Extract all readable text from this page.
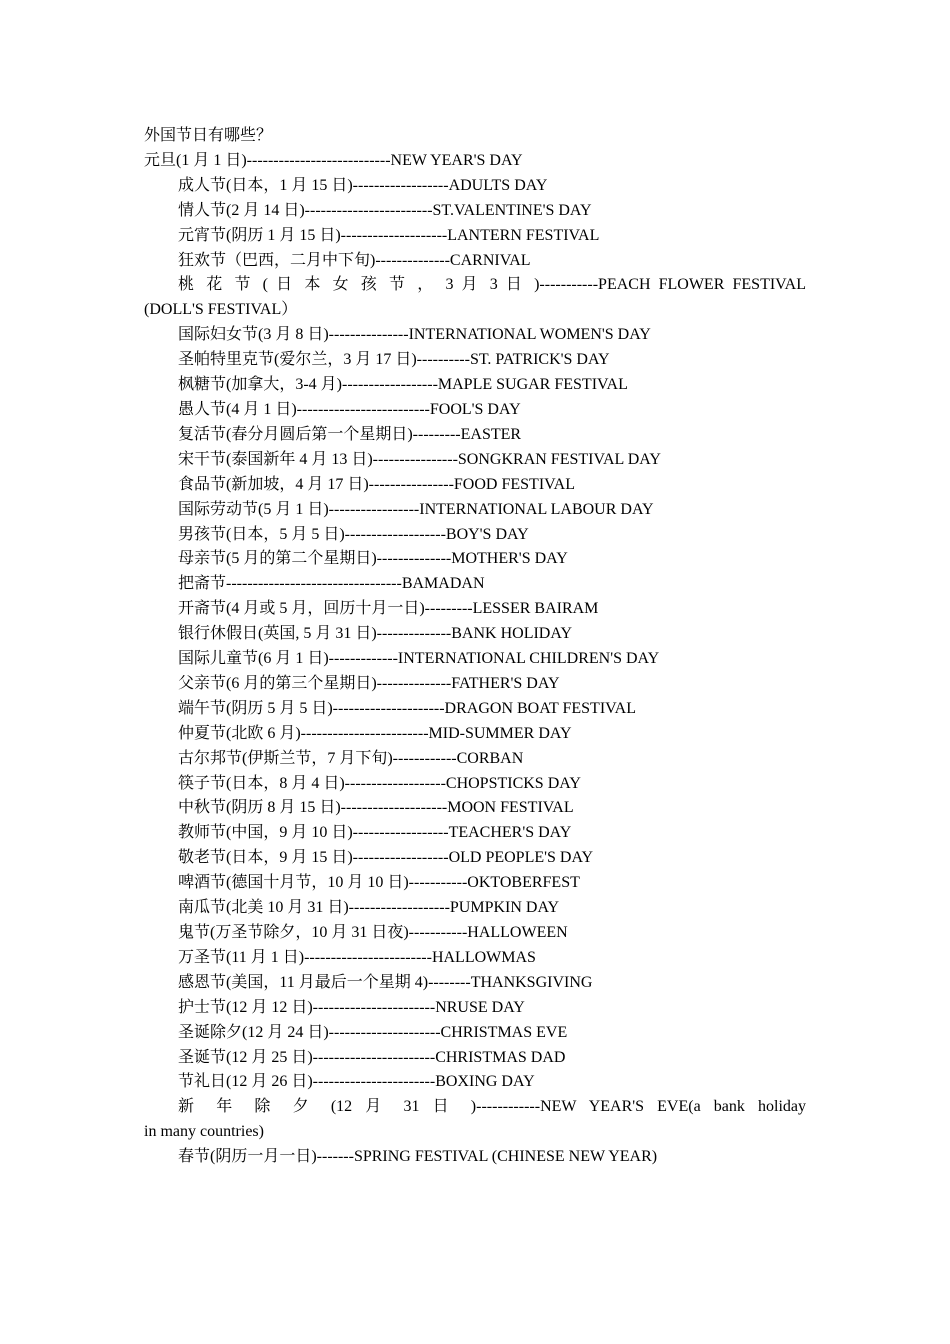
外国节日有哪些？
元旦(1 月 1 日)---------------------------NEW YEAR'S DAY
成人节(日本，1 月 15 日)------------------ADULTS DAY
情人节(2 月 14 日)------------------------ST.VALENTINE'S DAY
元宵节(阴历 1 月 15 日)--------------------LANTERN FESTIVAL
狂欢节（巴西，二月中下旬)--------------CARNIVAL
桃 花 节 ( 日 本 女 孩 节 ， 3 月 3 日 )-----------PEACH FLOWER FESTIVAL
(DOLL'S FESTIVAL）
国际妇女节(3 月 8 日)---------------INTERNATIONAL WOMEN'S DAY
圣帕特里克节(爱尔兰，3 月 17 日)----------ST. PATRICK'S DAY
枫糖节(加拿大，3-4 月)------------------MAPLE SUGAR FESTIVAL
愚人节(4 月 1 日)-------------------------FOOL'S DAY
复活节(春分月圆后第一个星期日)---------EASTER
宋干节(泰国新年 4 月 13 日)----------------SONGKRAN FESTIVAL DAY
食品节(新加坡，4 月 17 日)----------------FOOD FESTIVAL
国际劳动节(5 月 1 日)-----------------INTERNATIONAL LABOUR DAY
男孩节(日本，5 月 5 日)-------------------BOY'S DAY
母亲节(5 月的第二个星期日)--------------MOTHER'S DAY
把斋节---------------------------------BAMADAN
开斋节(4 月或 5 月，回历十月一日)---------LESSER BAIRAM
银行休假日(英国, 5 月 31 日)--------------BANK HOLIDAY
国际儿童节(6 月 1 日)-------------INTERNATIONAL CHILDREN'S DAY
父亲节(6 月的第三个星期日)--------------FATHER'S DAY
端午节(阴历 5 月 5 日)---------------------DRAGON BOAT FESTIVAL
仲夏节(北欧 6 月)------------------------MID-SUMMER DAY
古尔邦节(伊斯兰节，7 月下旬)------------CORBAN
筷子节(日本，8 月 4 日)-------------------CHOPSTICKS DAY
中秋节(阴历 8 月 15 日)--------------------MOON FESTIVAL
教师节(中国，9 月 10 日)------------------TEACHER'S DAY
敬老节(日本，9 月 15 日)------------------OLD PEOPLE'S DAY
啤酒节(德国十月节，10 月 10 日)-----------OKTOBERFEST
南瓜节(北美 10 月 31 日)-------------------PUMPKIN DAY
鬼节(万圣节除夕，10 月 31 日夜)-----------HALLOWEEN
万圣节(11 月 1 日)------------------------HALLOWMAS
感恩节(美国，11 月最后一个星期 4)--------THANKSGIVING
护士节(12 月 12 日)-----------------------NRUSE DAY
圣诞除夕(12 月 24 日)---------------------CHRISTMAS EVE
圣诞节(12 月 25 日)-----------------------CHRISTMAS DAD
节礼日(12 月 26 日)-----------------------BOXING DAY
新 年 除 夕 (12 月 31 日 )------------NEW YEAR'S EVE(a bank holiday
in many countries)
春节(阴历一月一日)-------SPRING FESTIVAL (CHINESE NEW YEAR)
